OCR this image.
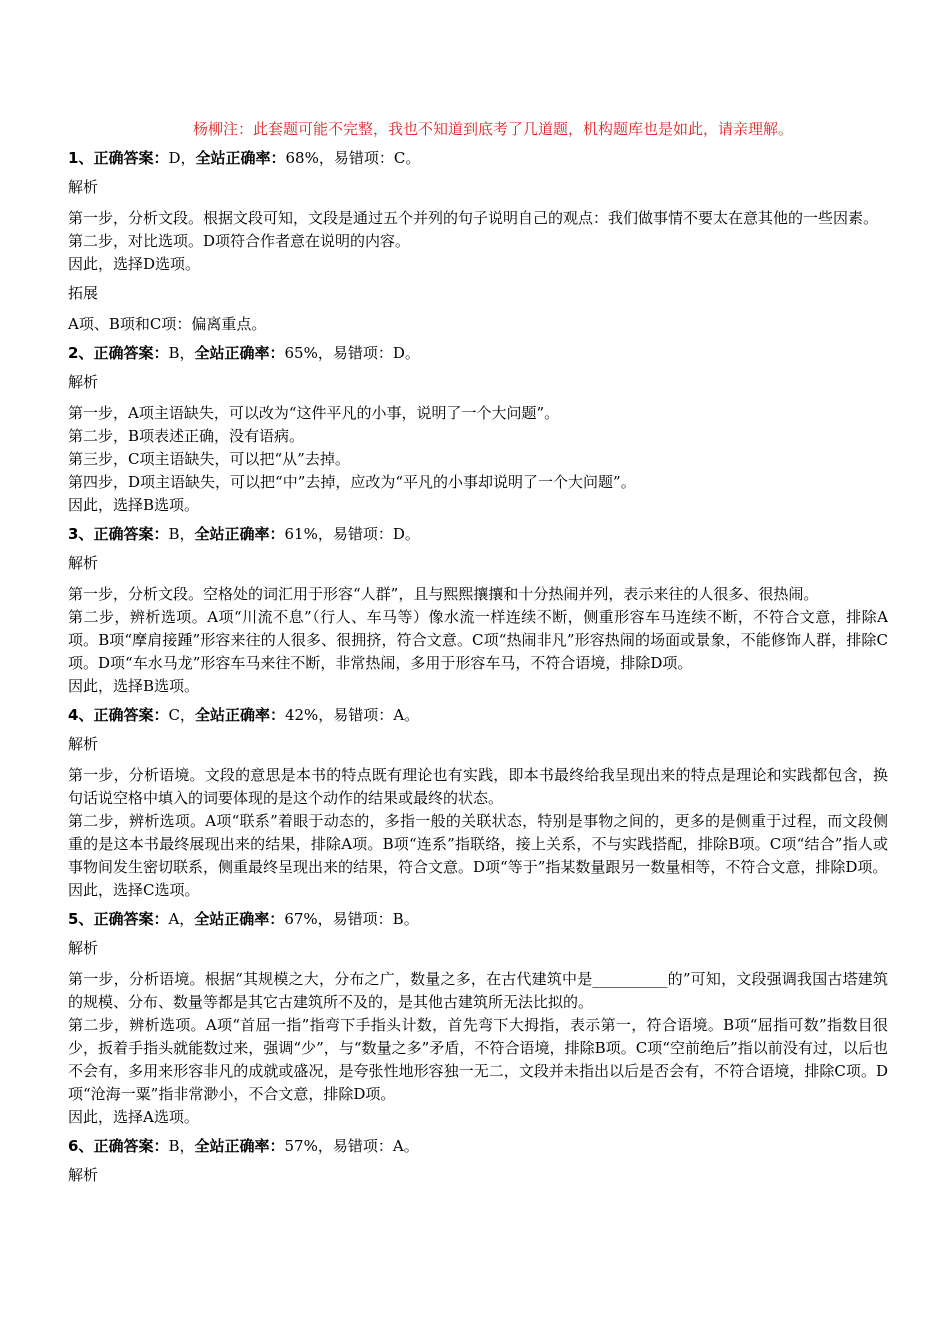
杨柳注：此套题可能不完整，我也不知道到底考了几道题，机构题库也是如此，请亲理解。

1、正确答案：D，全站正确率：68%，易错项：C。

解析

第一步，分析文段。根据文段可知，文段是通过五个并列的句子说明自己的观点：我们做事情不要太在意其他的一些因素。

第二步，对比选项。D项符合作者意在说明的内容。

因此，选择D选项。

拓展

A项、B项和C项：偏离重点。

2、正确答案：B，全站正确率：65%，易错项：D。

解析

第一步，A项主语缺失，可以改为“这件平凡的小事，说明了一个大问题”。

第二步，B项表述正确，没有语病。

第三步，C项主语缺失，可以把“从”去掉。

第四步，D项主语缺失，可以把“中”去掉，应改为“平凡的小事却说明了一个大问题”。

因此，选择B选项。

3、正确答案：B，全站正确率：61%，易错项：D。

解析

第一步，分析文段。空格处的词汇用于形容“人群”，且与熙熙攘攘和十分热闹并列，表示来往的人很多、很热闹。

第二步，辨析选项。A项“川流不息”（行人、车马等）像水流一样连续不断，侧重形容车马连续不断，不符合文意，排除A项。B项“摩肩接踵”形容来往的人很多、很拥挤，符合文意。C项“热闹非凡”形容热闹的场面或景象，不能修饰人群，排除C项。D项“车水马龙”形容车马来往不断，非常热闹，多用于形容车马，不符合语境，排除D项。

因此，选择B选项。

4、正确答案：C，全站正确率：42%，易错项：A。

解析

第一步，分析语境。文段的意思是本书的特点既有理论也有实践，即本书最终给我呈现出来的特点是理论和实践都包含，换句话说空格中填入的词要体现的是这个动作的结果或最终的状态。

第二步，辨析选项。A项“联系”着眼于动态的，多指一般的关联状态，特别是事物之间的，更多的是侧重于过程，而文段侧重的是这本书最终展现出来的结果，排除A项。B项“连系”指联络，接上关系，不与实践搭配，排除B项。C项“结合”指人或事物间发生密切联系，侧重最终呈现出来的结果，符合文意。D项“等于”指某数量跟另一数量相等，不符合文意，排除D项。

因此，选择C选项。

5、正确答案：A，全站正确率：67%，易错项：B。

解析

第一步，分析语境。根据“其规模之大，分布之广，数量之多，在古代建筑中是__________的”可知，文段强调我国古塔建筑的规模、分布、数量等都是其它古建筑所不及的，是其他古建筑所无法比拟的。

第二步，辨析选项。A项“首屈一指”指弯下手指头计数，首先弯下大拇指，表示第一，符合语境。B项“屈指可数”指数目很少，扳着手指头就能数过来，强调“少”，与“数量之多”矛盾，不符合语境，排除B项。C项“空前绝后”指以前没有过，以后也不会有，多用来形容非凡的成就或盛况，是夸张性地形容独一无二，文段并未指出以后是否会有，不符合语境，排除C项。D项“沧海一粟”指非常渺小，不合文意，排除D项。

因此，选择A选项。

6、正确答案：B，全站正确率：57%，易错项：A。

解析
